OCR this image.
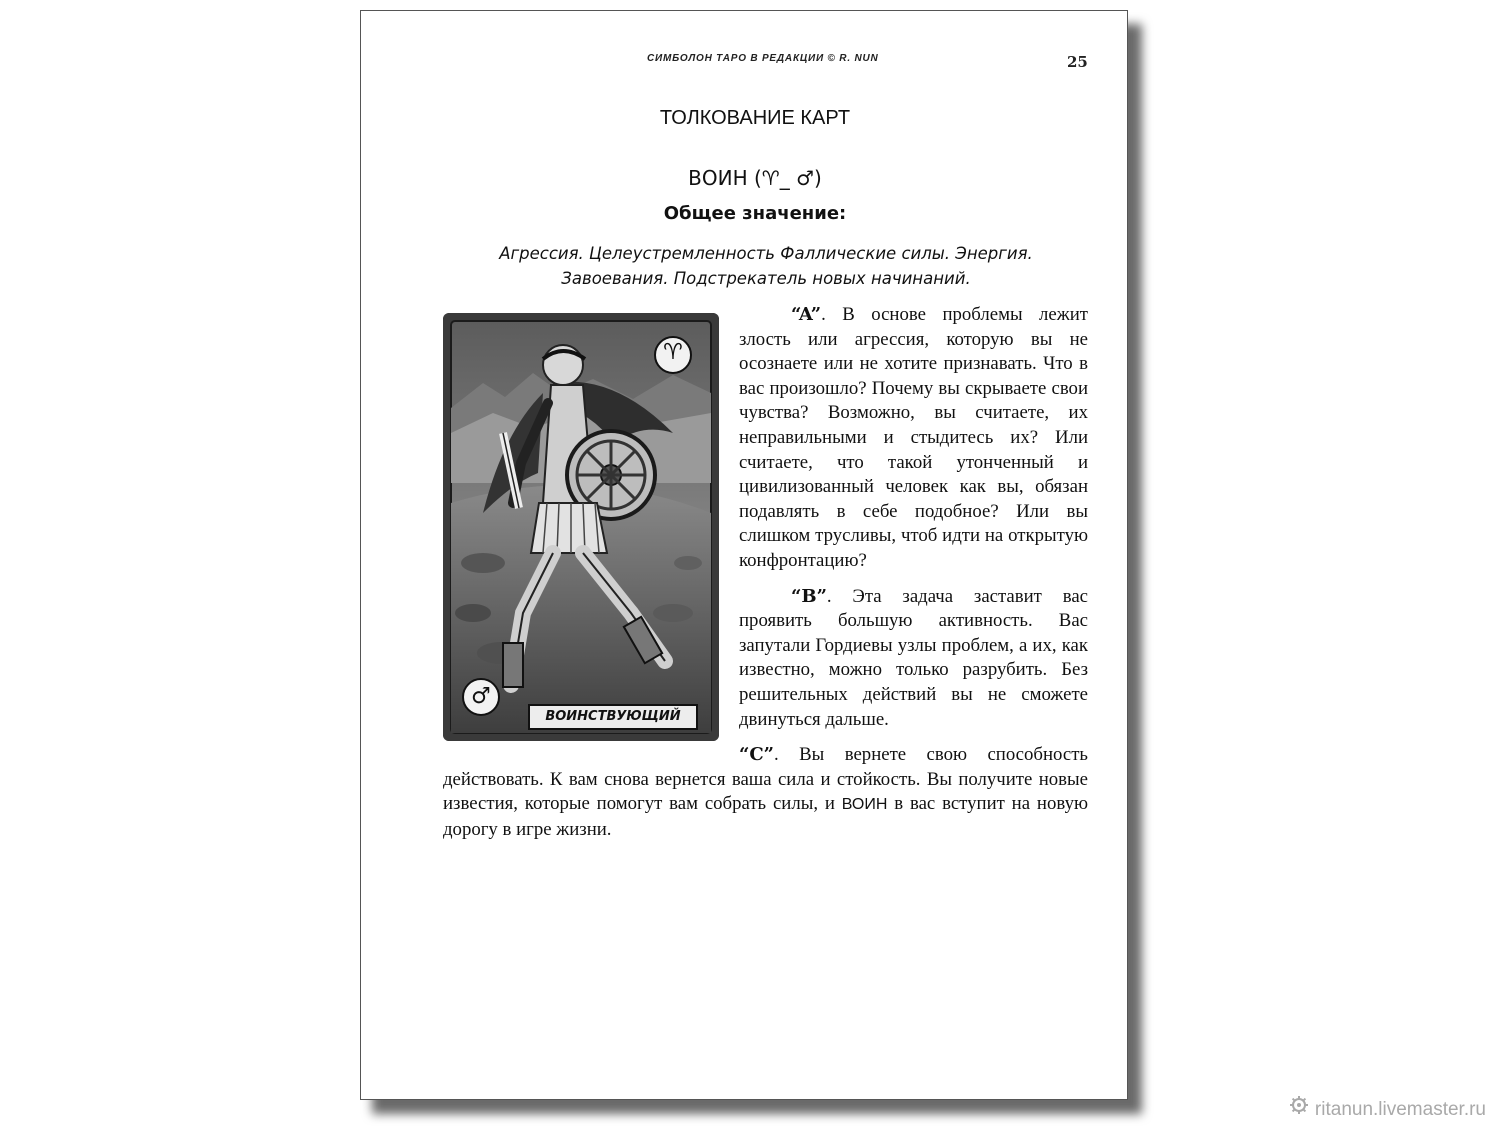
СИМБОЛОН ТАРО В РЕДАКЦИИ © R. NUN	25
ТОЛКОВАНИЕ КАРТ
ВОИН (♈_ ♂)
Общее значение:
Агрессия. Целеустремленность Фаллические силы. Энергия.
Завоевания. Подстрекатель новых начинаний.
♈
♂
ВОИНСТВУЮЩИЙ

“A”. В основе проблемы лежит злость или агрессия, которую вы не осознаете или не хотите признавать. Что в вас произошло? Почему вы скрываете свои чувства? Возможно, вы считаете, их неправильными и стыдитесь их? Или считаете, что такой утонченный и цивилизованный человек как вы, обязан подавлять в себе подобное? Или вы слишком трусливы, чтоб идти на открытую конфронтацию?

“B”. Эта задача заставит вас проявить большую активность. Вас запутали Гордиевы узлы проблем, а их, как известно, можно только разрубить. Без решительных действий вы не сможете двинуться дальше.

“C”. Вы вернете свою способность действовать. К вам снова вернется ваша сила и стойкость. Вы получите новые известия, которые помогут вам собрать силы, и ВОИН в вас вступит на новую дорогу в игре жизни.

ritanun.livemaster.ru
